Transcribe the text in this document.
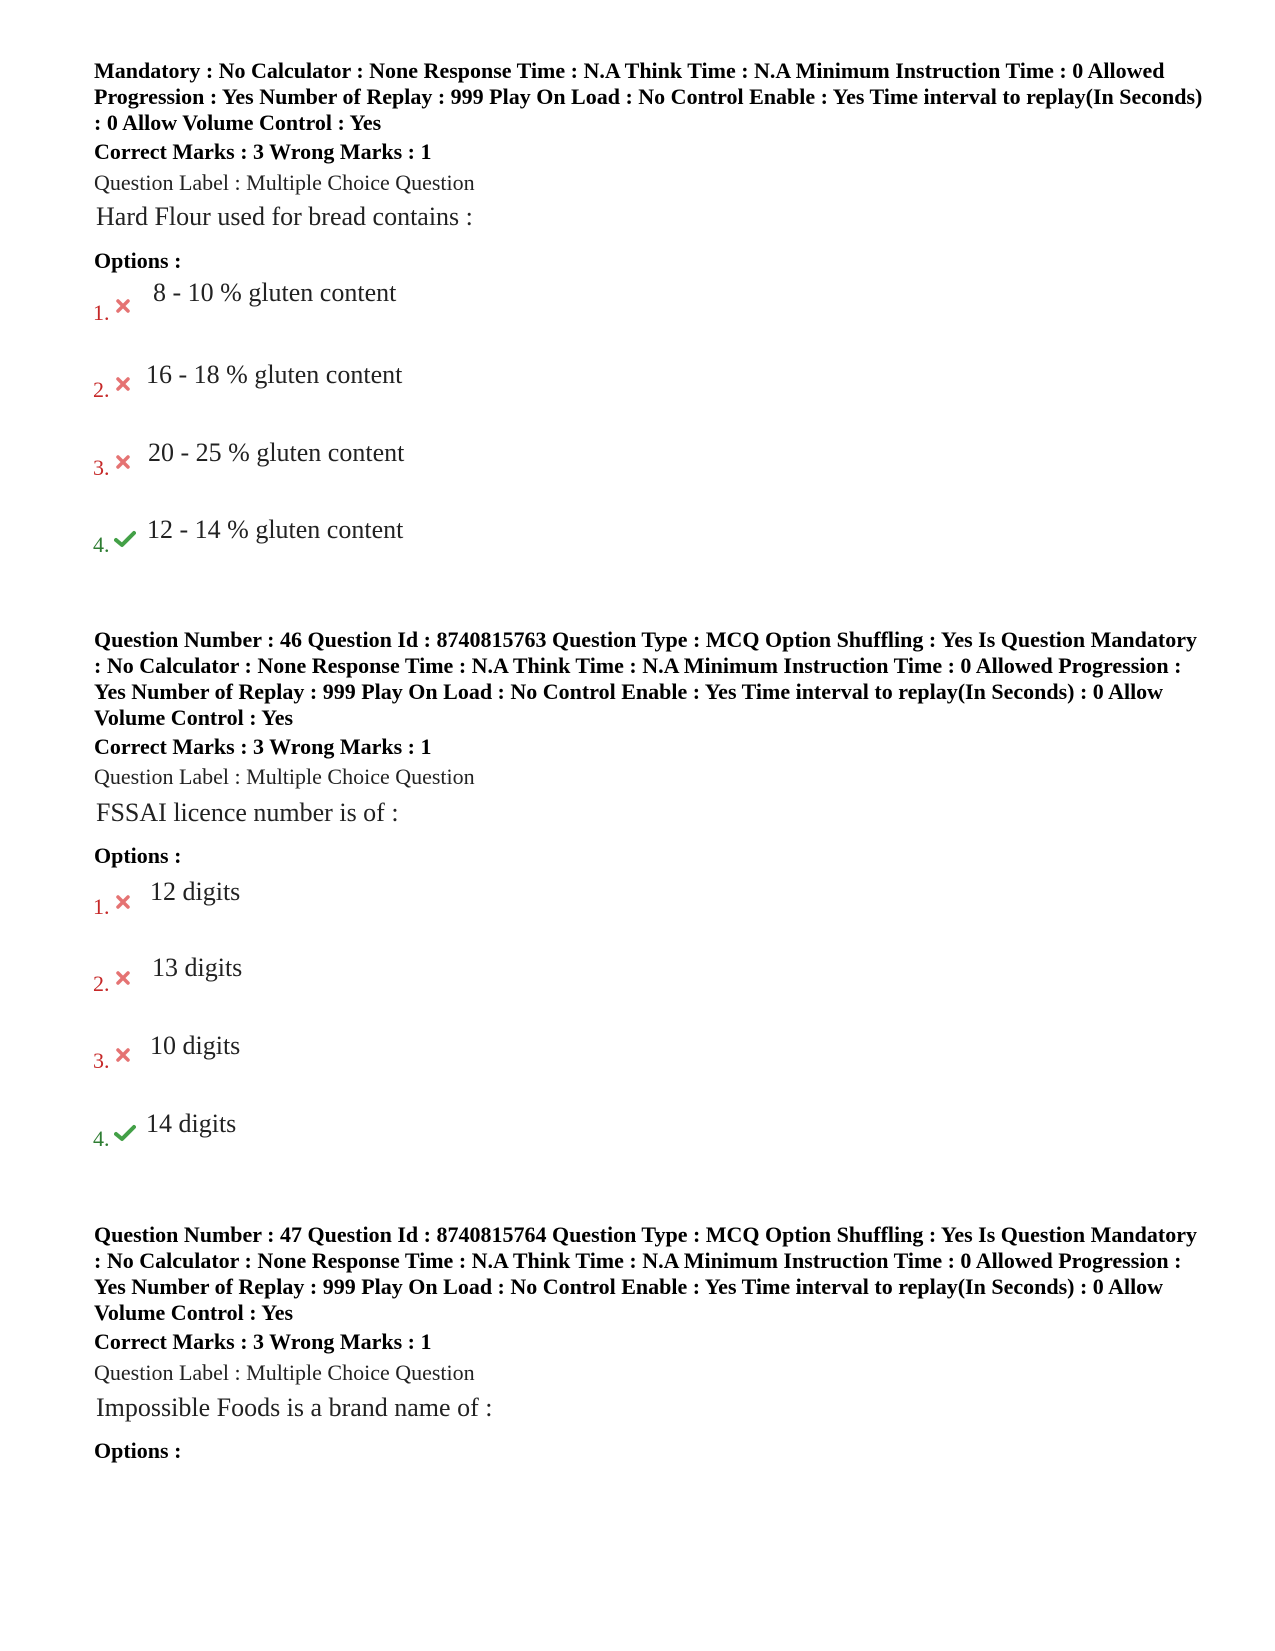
Mandatory : No Calculator : None Response Time : N.A Think Time : N.A Minimum Instruction Time : 0 Allowed Progression : Yes Number of Replay : 999 Play On Load : No Control Enable : Yes Time interval to replay(In Seconds) : 0 Allow Volume Control : Yes

Correct Marks : 3 Wrong Marks : 1
Question Label : Multiple Choice Question
Hard Flour used for bread contains :
Options :
1.
8 - 10 % gluten content
2.
16 - 18 % gluten content
3.
20 - 25 % gluten content
4.
12 - 14 % gluten content

Question Number : 46 Question Id : 8740815763 Question Type : MCQ Option Shuffling : Yes Is Question Mandatory : No Calculator : None Response Time : N.A Think Time : N.A Minimum Instruction Time : 0 Allowed Progression : Yes Number of Replay : 999 Play On Load : No Control Enable : Yes Time interval to replay(In Seconds) : 0 Allow Volume Control : Yes

Correct Marks : 3 Wrong Marks : 1
Question Label : Multiple Choice Question
FSSAI licence number is of :
Options :
1.
12 digits
2.
13 digits
3.
10 digits
4.
14 digits

Question Number : 47 Question Id : 8740815764 Question Type : MCQ Option Shuffling : Yes Is Question Mandatory : No Calculator : None Response Time : N.A Think Time : N.A Minimum Instruction Time : 0 Allowed Progression : Yes Number of Replay : 999 Play On Load : No Control Enable : Yes Time interval to replay(In Seconds) : 0 Allow Volume Control : Yes

Correct Marks : 3 Wrong Marks : 1
Question Label : Multiple Choice Question
Impossible Foods is a brand name of :
Options :
